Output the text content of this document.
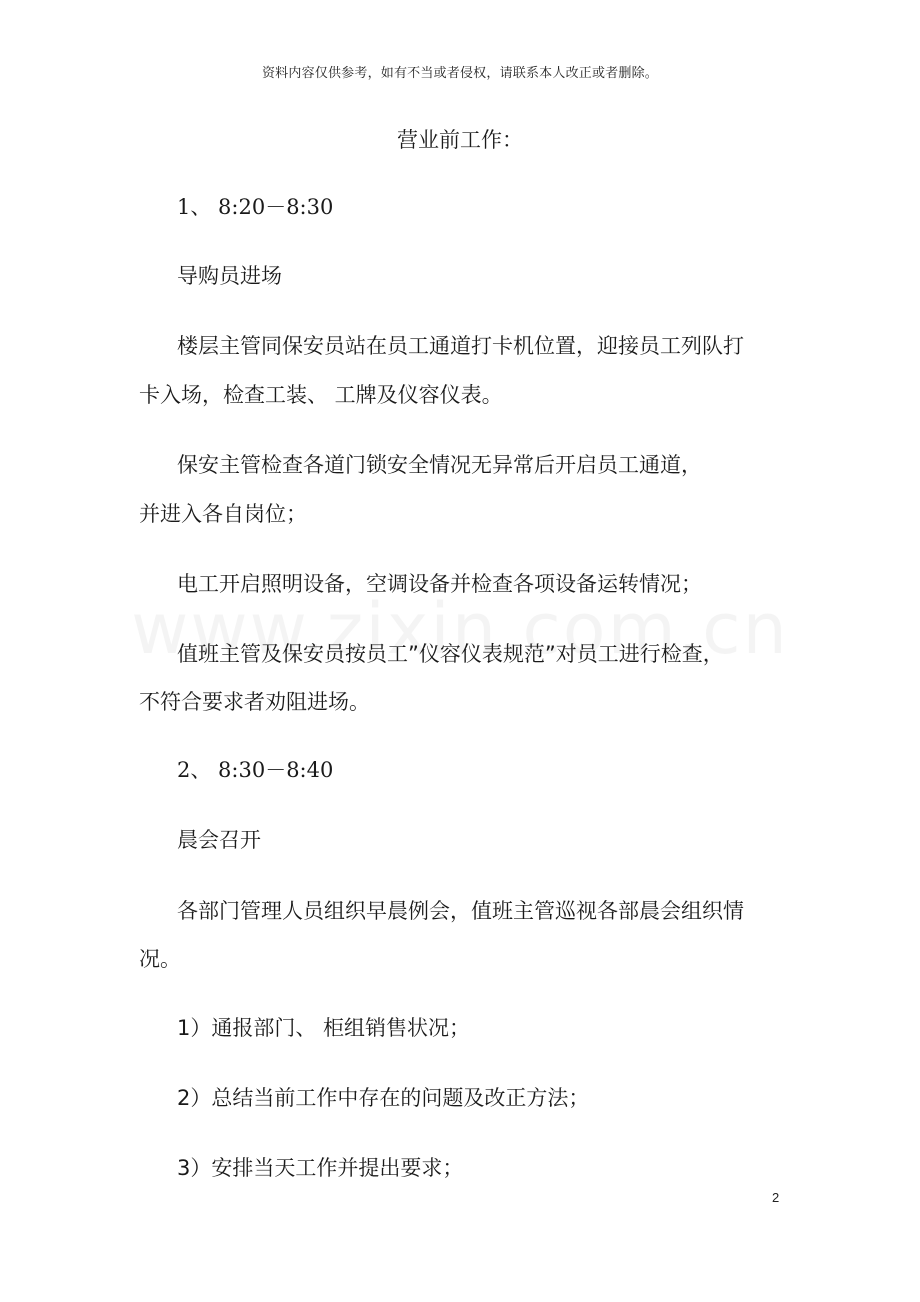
资料内容仅供参考，如有不当或者侵权，请联系本人改正或者删除。
营业前工作：
1、 8:20－8:30
导购员进场
楼层主管同保安员站在员工通道打卡机位置，迎接员工列队打
卡入场，检查工装、 工牌及仪容仪表。
保安主管检查各道门锁安全情况无异常后开启员工通道，
并进入各自岗位；
电工开启照明设备，空调设备并检查各项设备运转情况；
值班主管及保安员按员工”仪容仪表规范”对员工进行检查，
不符合要求者劝阻进场。
2、 8:30－8:40
晨会召开
各部门管理人员组织早晨例会，值班主管巡视各部晨会组织情
况。
1）通报部门、 柜组销售状况；
2）总结当前工作中存在的问题及改正方法；
3）安排当天工作并提出要求；
2
